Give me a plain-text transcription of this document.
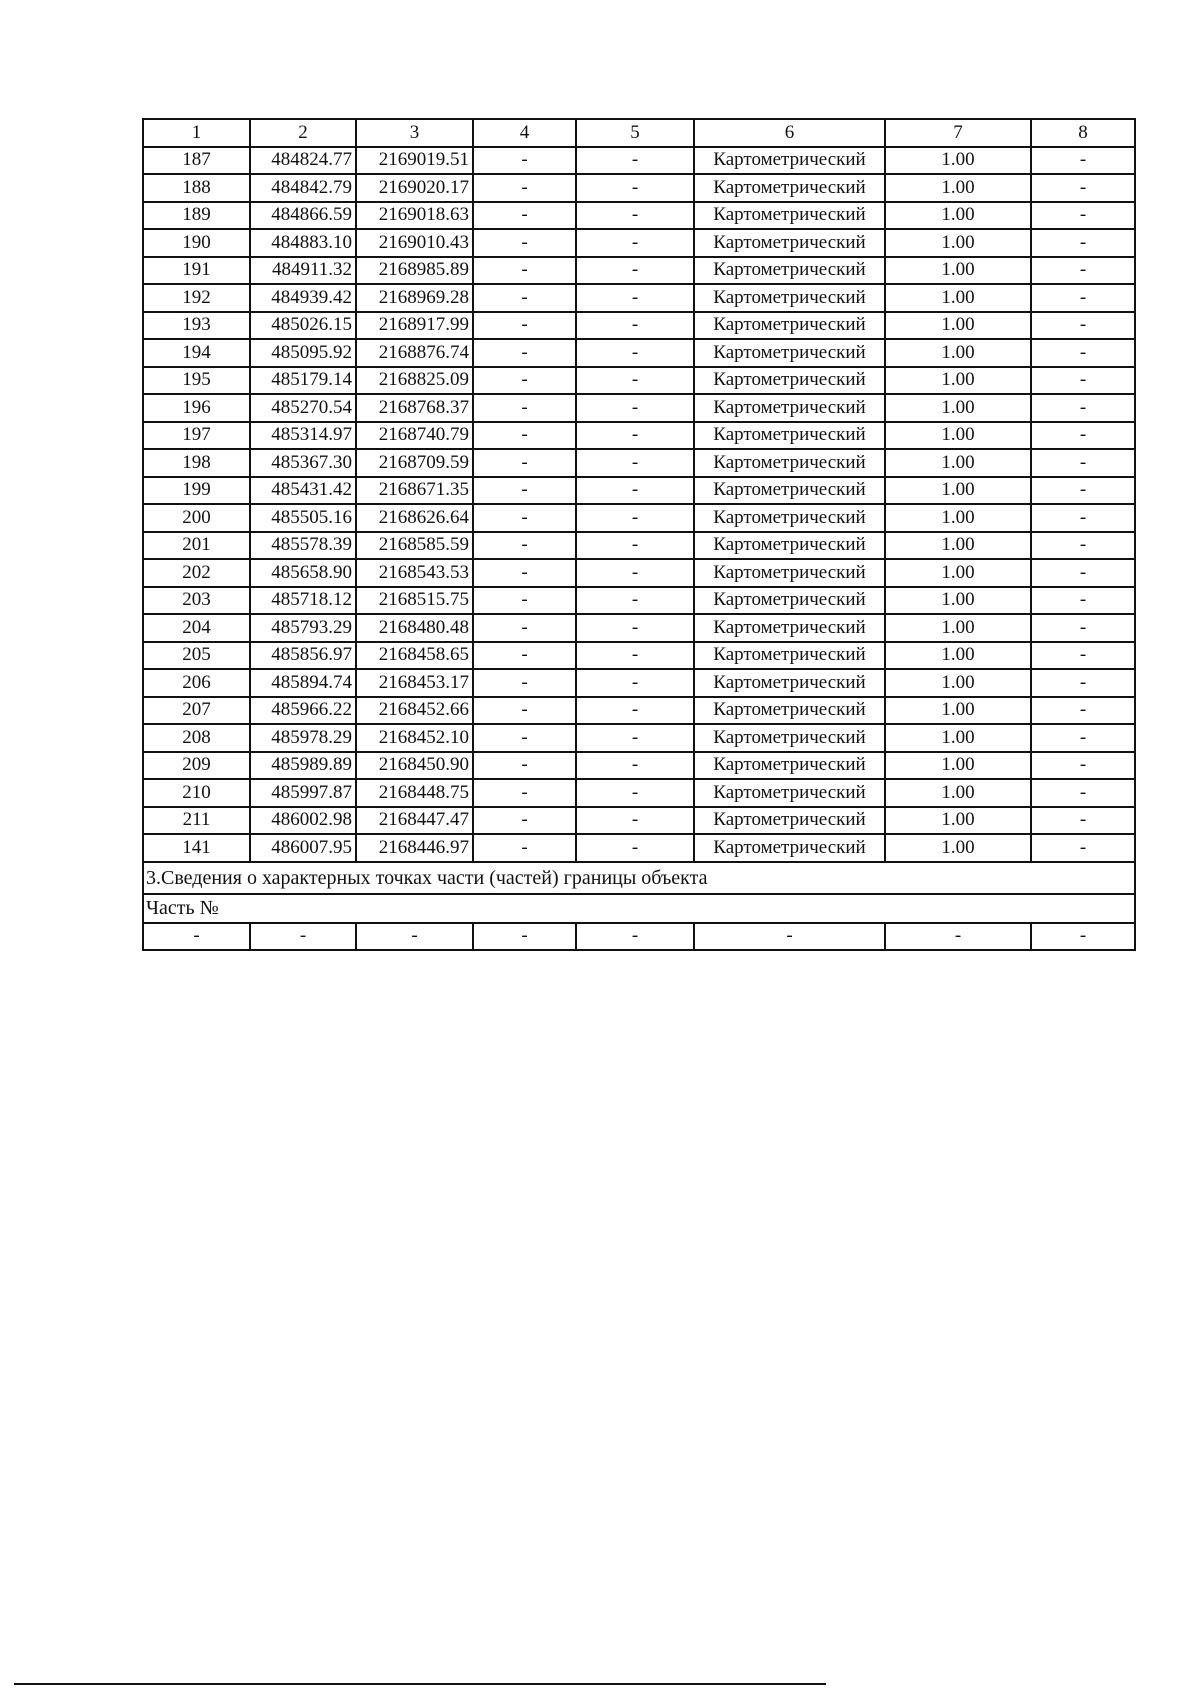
1	2	3	4	5	6	7	8
187	484824.77	2169019.51	-	-	Картометрический	1.00	-
188	484842.79	2169020.17	-	-	Картометрический	1.00	-
189	484866.59	2169018.63	-	-	Картометрический	1.00	-
190	484883.10	2169010.43	-	-	Картометрический	1.00	-
191	484911.32	2168985.89	-	-	Картометрический	1.00	-
192	484939.42	2168969.28	-	-	Картометрический	1.00	-
193	485026.15	2168917.99	-	-	Картометрический	1.00	-
194	485095.92	2168876.74	-	-	Картометрический	1.00	-
195	485179.14	2168825.09	-	-	Картометрический	1.00	-
196	485270.54	2168768.37	-	-	Картометрический	1.00	-
197	485314.97	2168740.79	-	-	Картометрический	1.00	-
198	485367.30	2168709.59	-	-	Картометрический	1.00	-
199	485431.42	2168671.35	-	-	Картометрический	1.00	-
200	485505.16	2168626.64	-	-	Картометрический	1.00	-
201	485578.39	2168585.59	-	-	Картометрический	1.00	-
202	485658.90	2168543.53	-	-	Картометрический	1.00	-
203	485718.12	2168515.75	-	-	Картометрический	1.00	-
204	485793.29	2168480.48	-	-	Картометрический	1.00	-
205	485856.97	2168458.65	-	-	Картометрический	1.00	-
206	485894.74	2168453.17	-	-	Картометрический	1.00	-
207	485966.22	2168452.66	-	-	Картометрический	1.00	-
208	485978.29	2168452.10	-	-	Картометрический	1.00	-
209	485989.89	2168450.90	-	-	Картометрический	1.00	-
210	485997.87	2168448.75	-	-	Картометрический	1.00	-
211	486002.98	2168447.47	-	-	Картометрический	1.00	-
141	486007.95	2168446.97	-	-	Картометрический	1.00	-
3.Сведения о характерных точках части (частей) границы объекта							
Часть №							
-	-	-	-	-	-	-	-
